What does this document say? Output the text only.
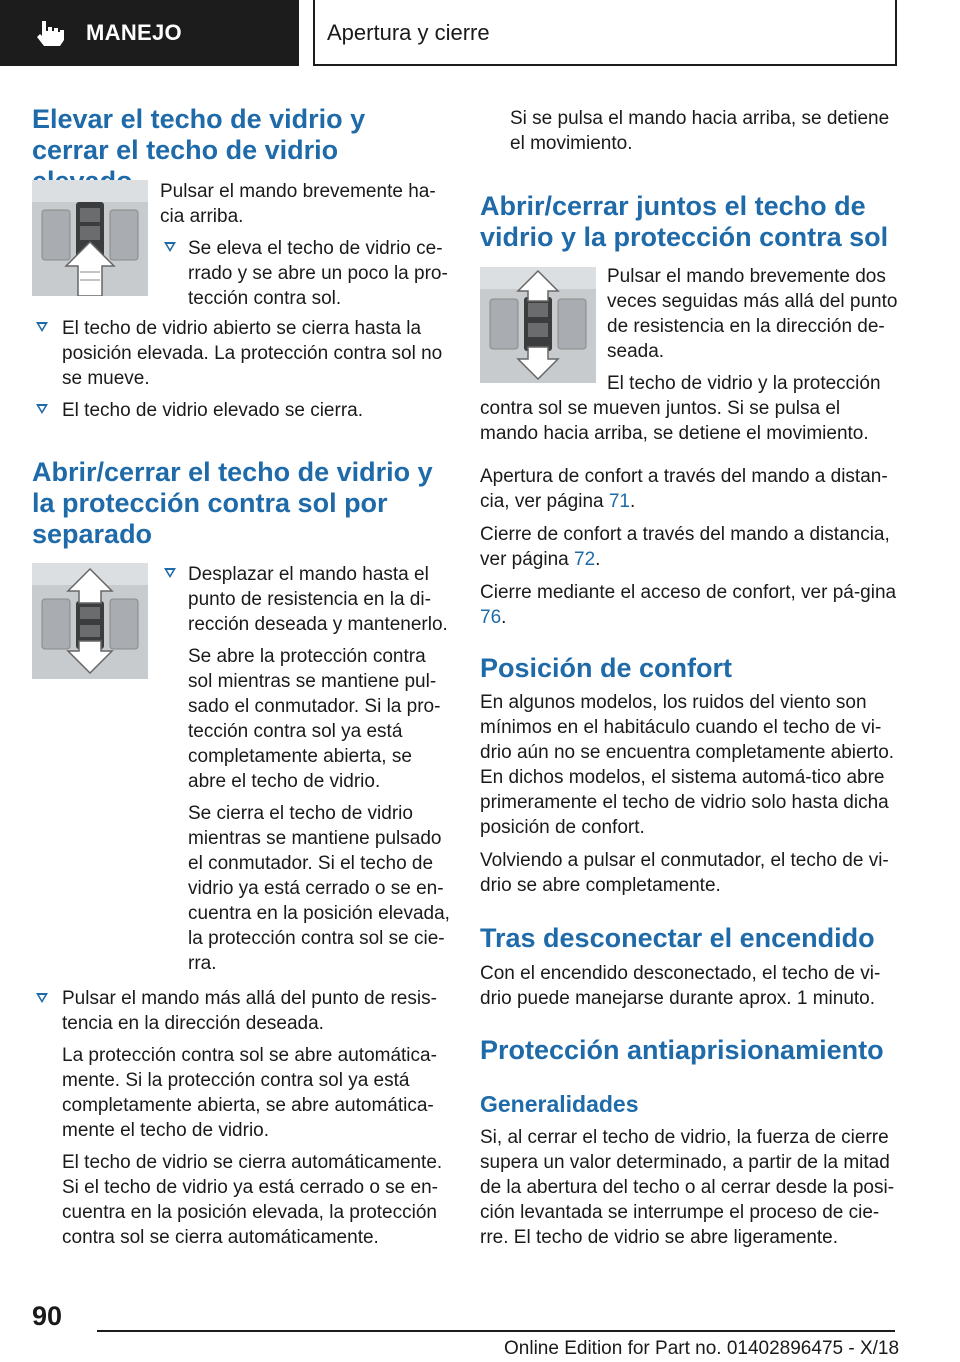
MANEJO	Apertura y cierre
Elevar el techo de vidrio y cerrar el techo de vidrio

Pulsar el mando brevemente ha-cia arriba.

Se eleva el techo de vidrio ce-rrado y se abre un poco la pro-tección contra sol.

El techo de vidrio abierto se cierra hasta la posición elevada. La protección contra sol no se mueve.

El techo de vidrio elevado se cierra.

Abrir/cerrar el techo de vidrio y la protección contra sol por separado

Desplazar el mando hasta el punto de resistencia en la di-rección deseada y mantenerlo.

Se abre la protección contra sol mientras se mantiene pul-sado el conmutador. Si la pro-tección contra sol ya está completamente abierta, se abre el techo de vidrio.

Se cierra el techo de vidrio mientras se mantiene pulsado el conmutador. Si el techo de vidrio ya está cerrado o se en-cuentra en la posición elevada, la protección contra sol se cie-rra.

Pulsar el mando más allá del punto de resis-tencia en la dirección deseada.

La protección contra sol se abre automática-mente. Si la protección contra sol ya está completamente abierta, se abre automática-mente el techo de vidrio.

El techo de vidrio se cierra automáticamente. Si el techo de vidrio ya está cerrado o se en-cuentra en la posición elevada, la protección contra sol se cierra automáticamente.

Si se pulsa el mando hacia arriba, se detiene el movimiento.

Abrir/cerrar juntos el techo de vidrio y la protección contra sol

Pulsar el mando brevemente dos veces seguidas más allá del punto de resistencia en la dirección de-seada.

El techo de vidrio y la protección

contra sol se mueven juntos. Si se pulsa el mando hacia arriba, se detiene el movimiento.

Apertura de confort a través del mando a distan-cia, ver página 71.

Cierre de confort a través del mando a distancia, ver página 72.

Cierre mediante el acceso de confort, ver pá-gina 76.

Posición de confort

En algunos modelos, los ruidos del viento son mínimos en el habitáculo cuando el techo de vi-drio aún no se encuentra completamente abierto. En dichos modelos, el sistema automá-tico abre primeramente el techo de vidrio solo hasta dicha posición de confort.

Volviendo a pulsar el conmutador, el techo de vi-drio se abre completamente.

Tras desconectar el encendido

Con el encendido desconectado, el techo de vi-drio puede manejarse durante aprox. 1 minuto.

Protección antiaprisionamiento
Generalidades

Si, al cerrar el techo de vidrio, la fuerza de cierre supera un valor determinado, a partir de la mitad de la abertura del techo o al cerrar desde la posi-ción levantada se interrumpe el proceso de cie-rre. El techo de vidrio se abre ligeramente.

90
Online Edition for Part no. 01402896475 - X/18
